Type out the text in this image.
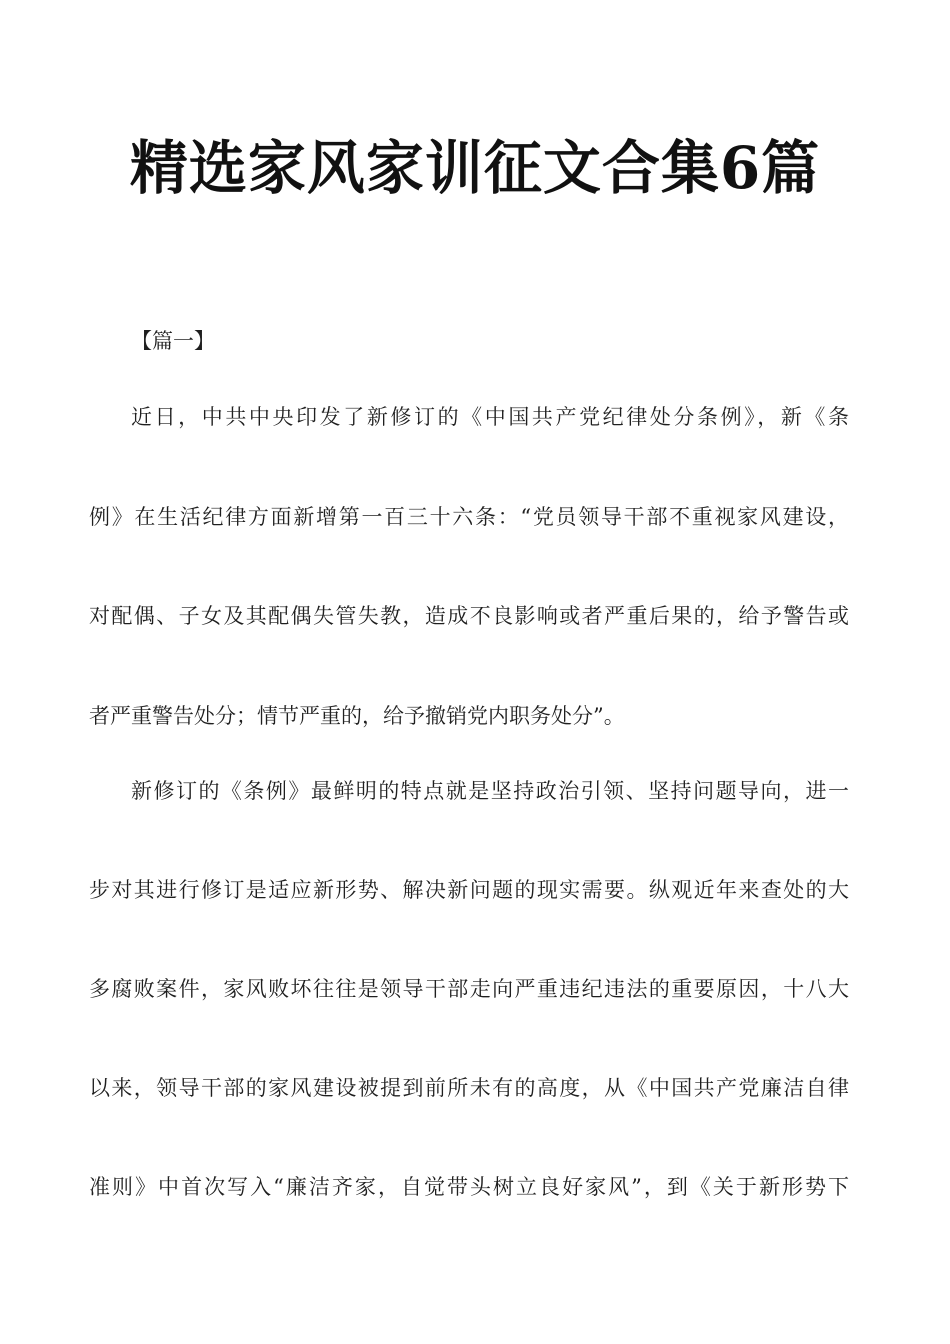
精选家风家训征文合集6篇
【篇一】
近日，中共中央印发了新修订的《中国共产党纪律处分条例》，新《条
例》在生活纪律方面新增第一百三十六条：“党员领导干部不重视家风建设，
对配偶、子女及其配偶失管失教，造成不良影响或者严重后果的，给予警告或
者严重警告处分；情节严重的，给予撤销党内职务处分”。
新修订的《条例》最鲜明的特点就是坚持政治引领、坚持问题导向，进一
步对其进行修订是适应新形势、解决新问题的现实需要。纵观近年来查处的大
多腐败案件，家风败坏往往是领导干部走向严重违纪违法的重要原因，十八大
以来，领导干部的家风建设被提到前所未有的高度，从《中国共产党廉洁自律
准则》中首次写入“廉洁齐家，自觉带头树立良好家风”，到《关于新形势下
